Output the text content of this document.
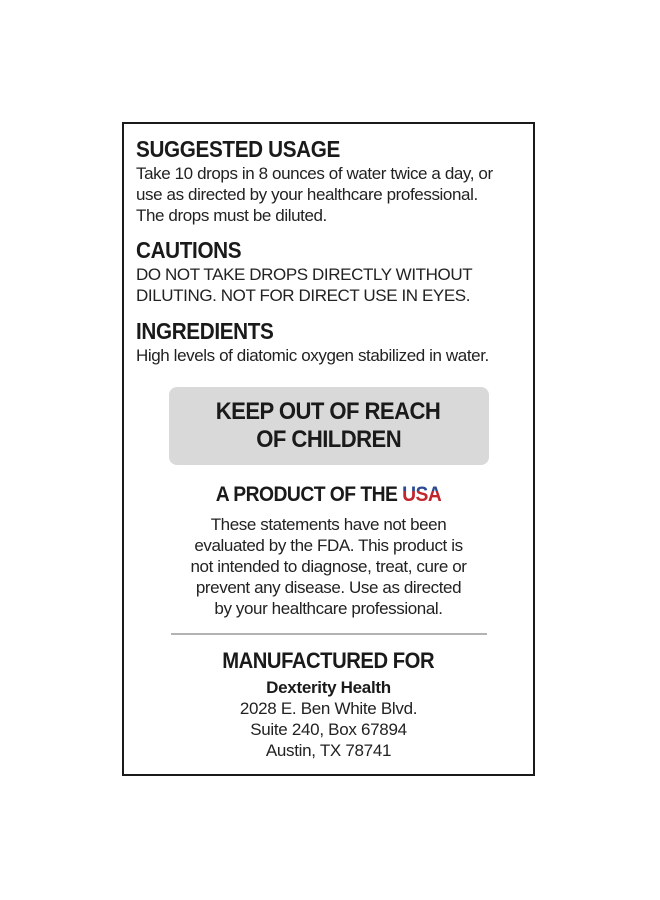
SUGGESTED USAGE

Take 10 drops in 8 ounces of water twice a day, or
use as directed by your healthcare professional.
The drops must be diluted.

CAUTIONS

DO NOT TAKE DROPS DIRECTLY WITHOUT
DILUTING. NOT FOR DIRECT USE IN EYES.

INGREDIENTS

High levels of diatomic oxygen stabilized in water.

KEEP OUT OF REACH
OF CHILDREN
A PRODUCT OF THE USA
These statements have not been
evaluated by the FDA. This product is
not intended to diagnose, treat, cure or
prevent any disease. Use as directed
by your healthcare professional.
MANUFACTURED FOR
Dexterity Health
2028 E. Ben White Blvd.
Suite 240, Box 67894
Austin, TX 78741
